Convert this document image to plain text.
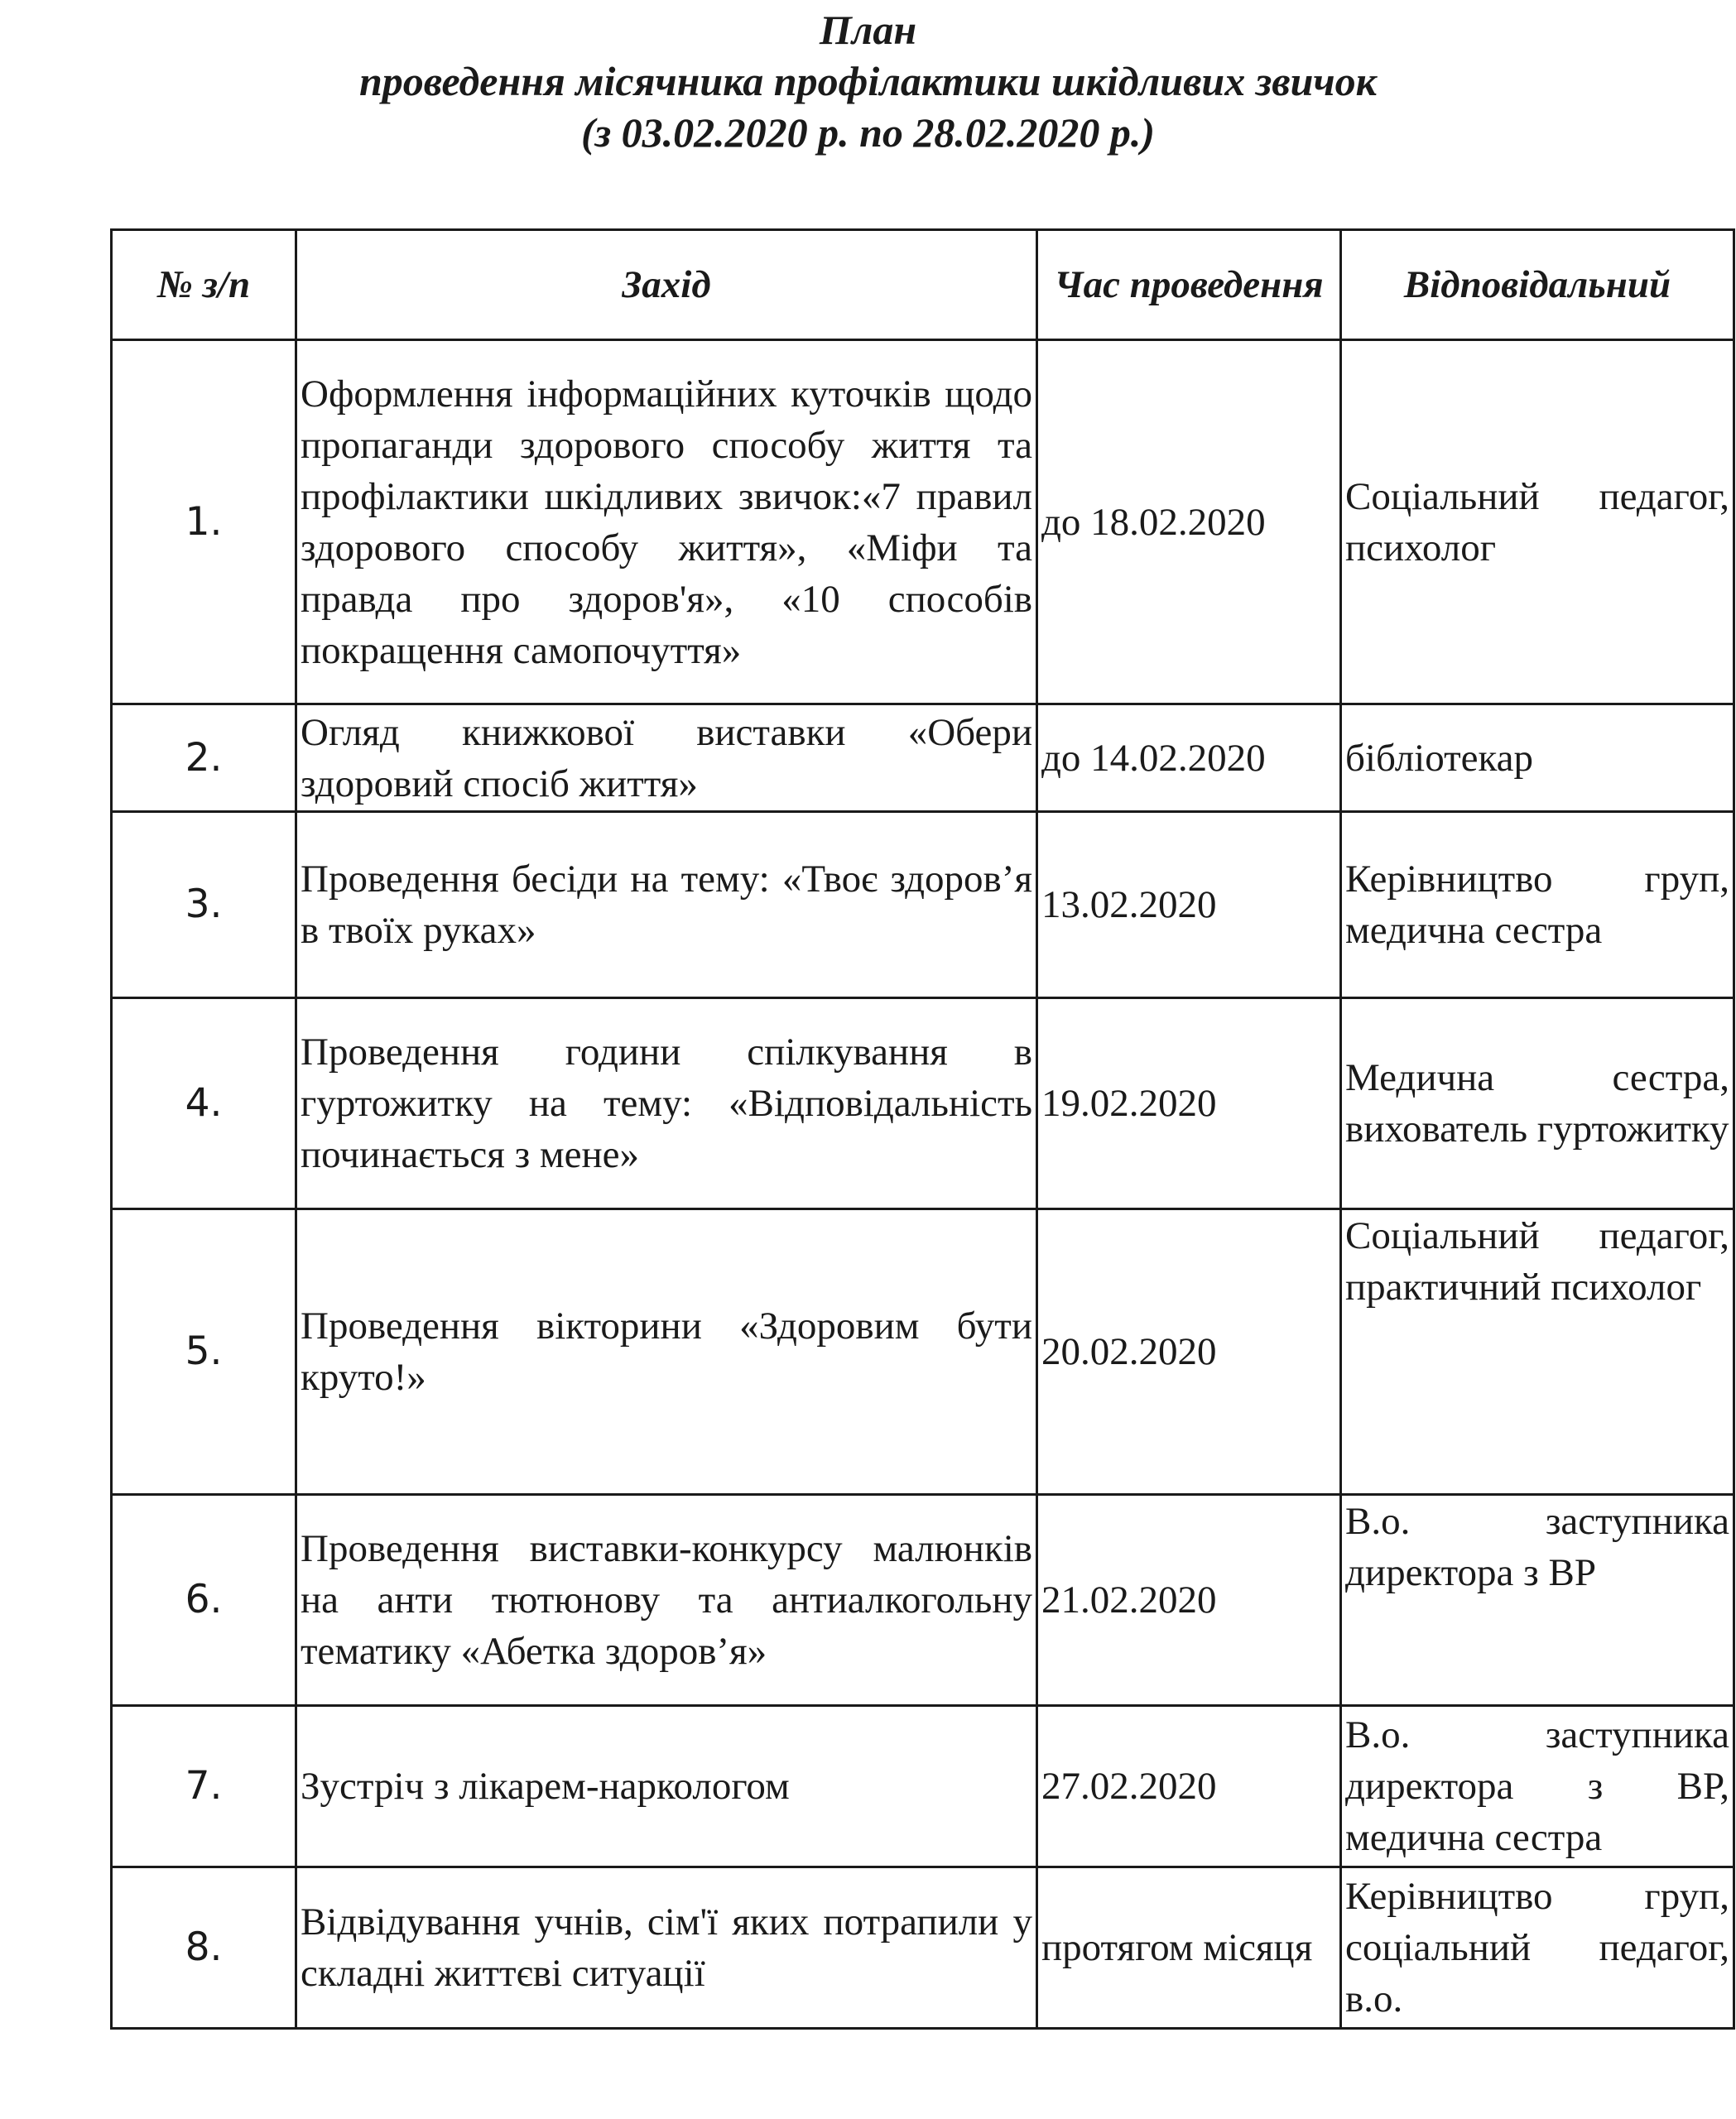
План
проведення місячника профілактики шкідливих звичок
(з 03.02.2020 р. по 28.02.2020 р.)
№ з/п	Захід	Час проведення	Відповідальний
1.	Оформлення інформаційних куточків щодо пропаганди здорового способу життя та профілактики шкідливих звичок:«7 правил здорового способу життя», «Міфи та правда про здоров'я», «10 способів покращення самопочуття»	до 18.02.2020	Соціальний педагог, психолог
2.	Огляд книжкової виставки «Обери здоровий спосіб життя»	до 14.02.2020	бібліотекар
3.	Проведення бесіди на тему: «Твоє здоров’я в твоїх руках»	13.02.2020	Керівництво груп, медична сестра
4.	Проведення години спілкування в гуртожитку на тему: «Відповідальність починається з мене»	19.02.2020	Медична сестра, вихователь гуртожитку
5.	Проведення вікторини «Здоровим бути круто!»	20.02.2020	Соціальний педагог, практичний психолог
6.	Проведення виставки-конкурсу малюнків на анти тютюнову та антиалкогольну тематику «Абетка здоров’я»	21.02.2020	В.о. заступника директора з ВР
7.	Зустріч з лікарем-наркологом	27.02.2020	В.о. заступника директора з ВР, медична сестра
8.	Відвідування учнів, сім'ї яких потрапили у складні життєві ситуації	протягом місяця	Керівництво груп, соціальний педагог, в.о.
